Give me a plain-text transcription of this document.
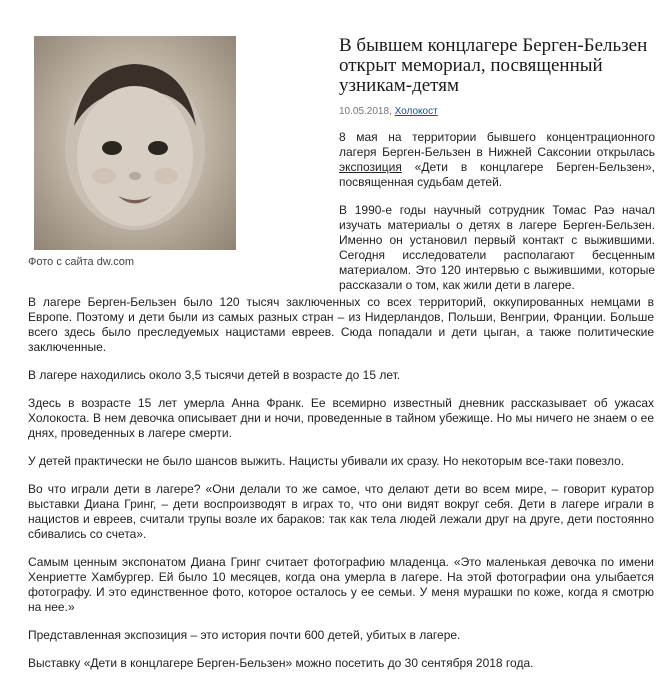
Фото с сайта dw.com
В бывшем концлагере Берген-Бельзен открыт мемориал, посвященный узникам-детям
10.05.2018, Холокост

8 мая на территории бывшего концентрационного лагеря Берген-Бельзен в Нижней Саксонии открылась экспозиция «Дети в концлагере Берген-Бельзен», посвященная судьбам детей.

В 1990-е годы научный сотрудник Томас Раэ начал изучать материалы о детях в лагере Берген-Бельзен. Именно он установил первый контакт с выжившими. Сегодня исследователи располагают бесценным материалом. Это 120 интервью с выжившими, которые рассказали о том, как жили дети в лагере.

В лагере Берген-Бельзен было 120 тысяч заключенных со всех территорий, оккупированных немцами в Европе. Поэтому и дети были из самых разных стран – из Нидерландов, Польши, Венгрии, Франции. Больше всего здесь было преследуемых нацистами евреев. Сюда попадали и дети цыган, а также политические заключенные.

В лагере находились около 3,5 тысячи детей в возрасте до 15 лет.

Здесь в возрасте 15 лет умерла Анна Франк. Ее всемирно известный дневник рассказывает об ужасах Холокоста. В нем девочка описывает дни и ночи, проведенные в тайном убежище. Но мы ничего не знаем о ее днях, проведенных в лагере смерти.

У детей практически не было шансов выжить. Нацисты убивали их сразу. Но некоторым все-таки повезло.

Во что играли дети в лагере? «Они делали то же самое, что делают дети во всем мире, – говорит куратор выставки Диана Гринг, – дети воспроизводят в играх то, что они видят вокруг себя. Дети в лагере играли в нацистов и евреев, считали трупы возле их бараков: так как тела людей лежали друг на друге, дети постоянно сбивались со счета».

Самым ценным экспонатом Диана Гринг считает фотографию младенца. «Это маленькая девочка по имени Хенриетте Хамбургер. Ей было 10 месяцев, когда она умерла в лагере. На этой фотографии она улыбается фотографу. И это единственное фото, которое осталось у ее семьи. У меня мурашки по коже, когда я смотрю на нее.»

Представленная экспозиция – это история почти 600 детей, убитых в лагере.

Выставку «Дети в концлагере Берген-Бельзен» можно посетить до 30 сентября 2018 года.
